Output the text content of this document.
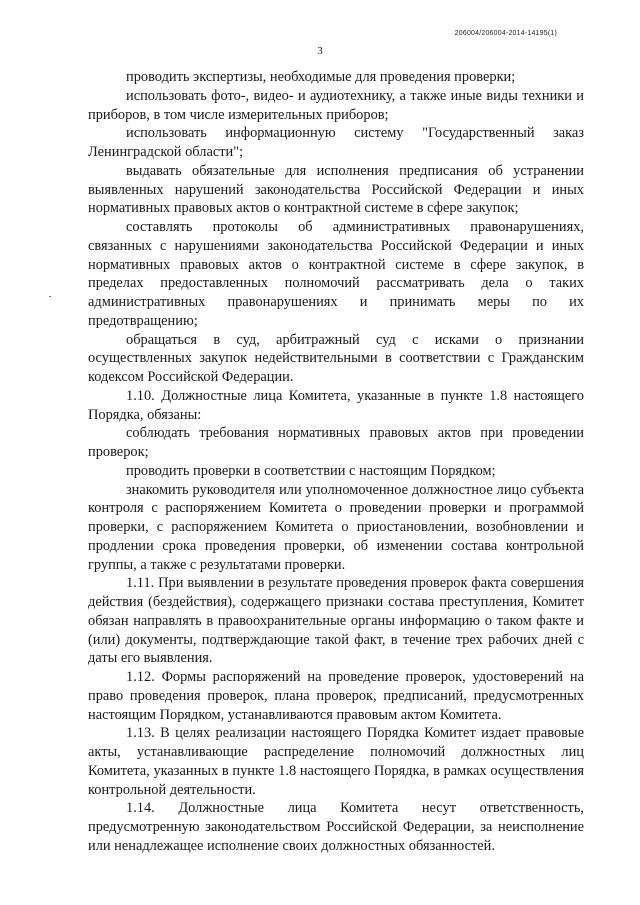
206004/206004-2014-14195(1)
3

проводить экспертизы, необходимые для проведения проверки;

использовать фото-, видео- и аудиотехнику, а также иные виды техники и приборов, в том числе измерительных приборов;

использовать информационную систему "Государственный заказ Ленинградской области";

выдавать обязательные для исполнения предписания об устранении выявленных нарушений законодательства Российской Федерации и иных нормативных правовых актов о контрактной системе в сфере закупок;

составлять протоколы об административных правонарушениях, связанных с нарушениями законодательства Российской Федерации и иных нормативных правовых актов о контрактной системе в сфере закупок, в пределах предоставленных полномочий рассматривать дела о таких административных правонарушениях и принимать меры по их предотвращению;

обращаться в суд, арбитражный суд с исками о признании осуществленных закупок недействительными в соответствии с Гражданским кодексом Российской Федерации.

1.10. Должностные лица Комитета, указанные в пункте 1.8 настоящего Порядка, обязаны:

соблюдать требования нормативных правовых актов при проведении проверок;

проводить проверки в соответствии с настоящим Порядком;

знакомить руководителя или уполномоченное должностное лицо субъекта контроля с распоряжением Комитета о проведении проверки и программой проверки, с распоряжением Комитета о приостановлении, возобновлении и продлении срока проведения проверки, об изменении состава контрольной группы, а также с результатами проверки.

1.11. При выявлении в результате проведения проверок факта совершения действия (бездействия), содержащего признаки состава преступления, Комитет обязан направлять в правоохранительные органы информацию о таком факте и (или) документы, подтверждающие такой факт, в течение трех рабочих дней с даты его выявления.

1.12. Формы распоряжений на проведение проверок, удостоверений на право проведения проверок, плана проверок, предписаний, предусмотренных настоящим Порядком, устанавливаются правовым актом Комитета.

1.13. В целях реализации настоящего Порядка Комитет издает правовые акты, устанавливающие распределение полномочий должностных лиц Комитета, указанных в пункте 1.8 настоящего Порядка, в рамках осуществления контрольной деятельности.

1.14. Должностные лица Комитета несут ответственность, предусмотренную законодательством Российской Федерации, за неисполнение или ненадлежащее исполнение своих должностных обязанностей.
